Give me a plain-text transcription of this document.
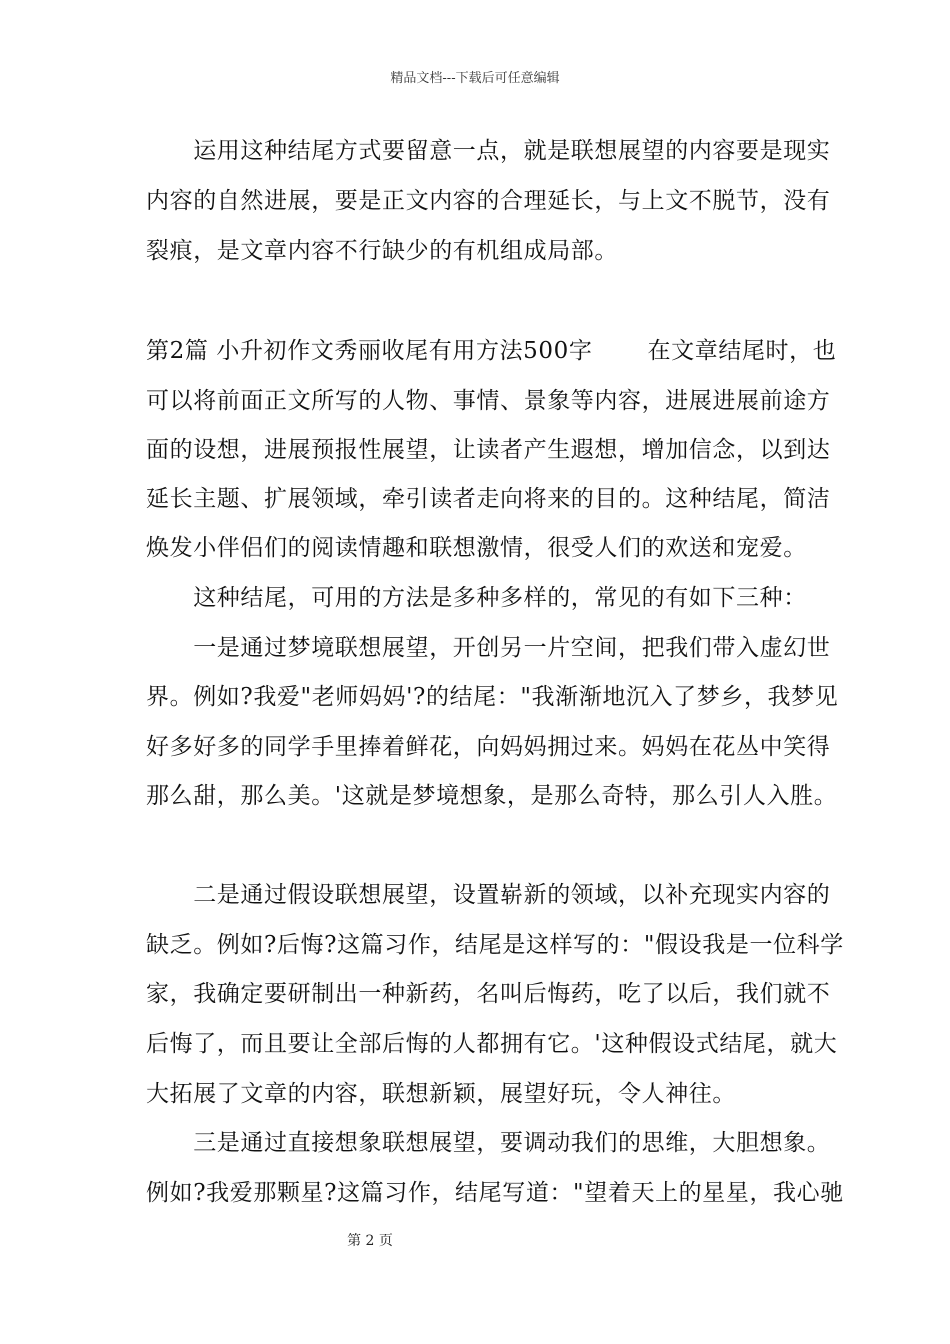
精品文档---下载后可任意编辑
　　运用这种结尾方式要留意一点，就是联想展望的内容要是现实
内容的自然进展，要是正文内容的合理延长，与上文不脱节，没有
裂痕，是文章内容不行缺少的有机组成局部。
第2篇 小升初作文秀丽收尾有用方法500字 　　在文章结尾时，也
可以将前面正文所写的人物、事情、景象等内容，进展进展前途方
面的设想，进展预报性展望，让读者产生遐想，增加信念，以到达
延长主题、扩展领域，牵引读者走向将来的目的。这种结尾，简洁
焕发小伴侣们的阅读情趣和联想激情，很受人们的欢送和宠爱。
　　这种结尾，可用的方法是多种多样的，常见的有如下三种：
　　一是通过梦境联想展望，开创另一片空间，把我们带入虚幻世
界。例如?我爱"老师妈妈'?的结尾："我渐渐地沉入了梦乡，我梦见
好多好多的同学手里捧着鲜花，向妈妈拥过来。妈妈在花丛中笑得
那么甜，那么美。'这就是梦境想象，是那么奇特，那么引人入胜。
　　二是通过假设联想展望，设置崭新的领域，以补充现实内容的
缺乏。例如?后悔?这篇习作，结尾是这样写的："假设我是一位科学
家，我确定要研制出一种新药，名叫后悔药，吃了以后，我们就不
后悔了，而且要让全部后悔的人都拥有它。'这种假设式结尾，就大
大拓展了文章的内容，联想新颖，展望好玩，令人神往。
　　三是通过直接想象联想展望，要调动我们的思维，大胆想象。
例如?我爱那颗星?这篇习作，结尾写道："望着天上的星星，我心驰
第 2 页
